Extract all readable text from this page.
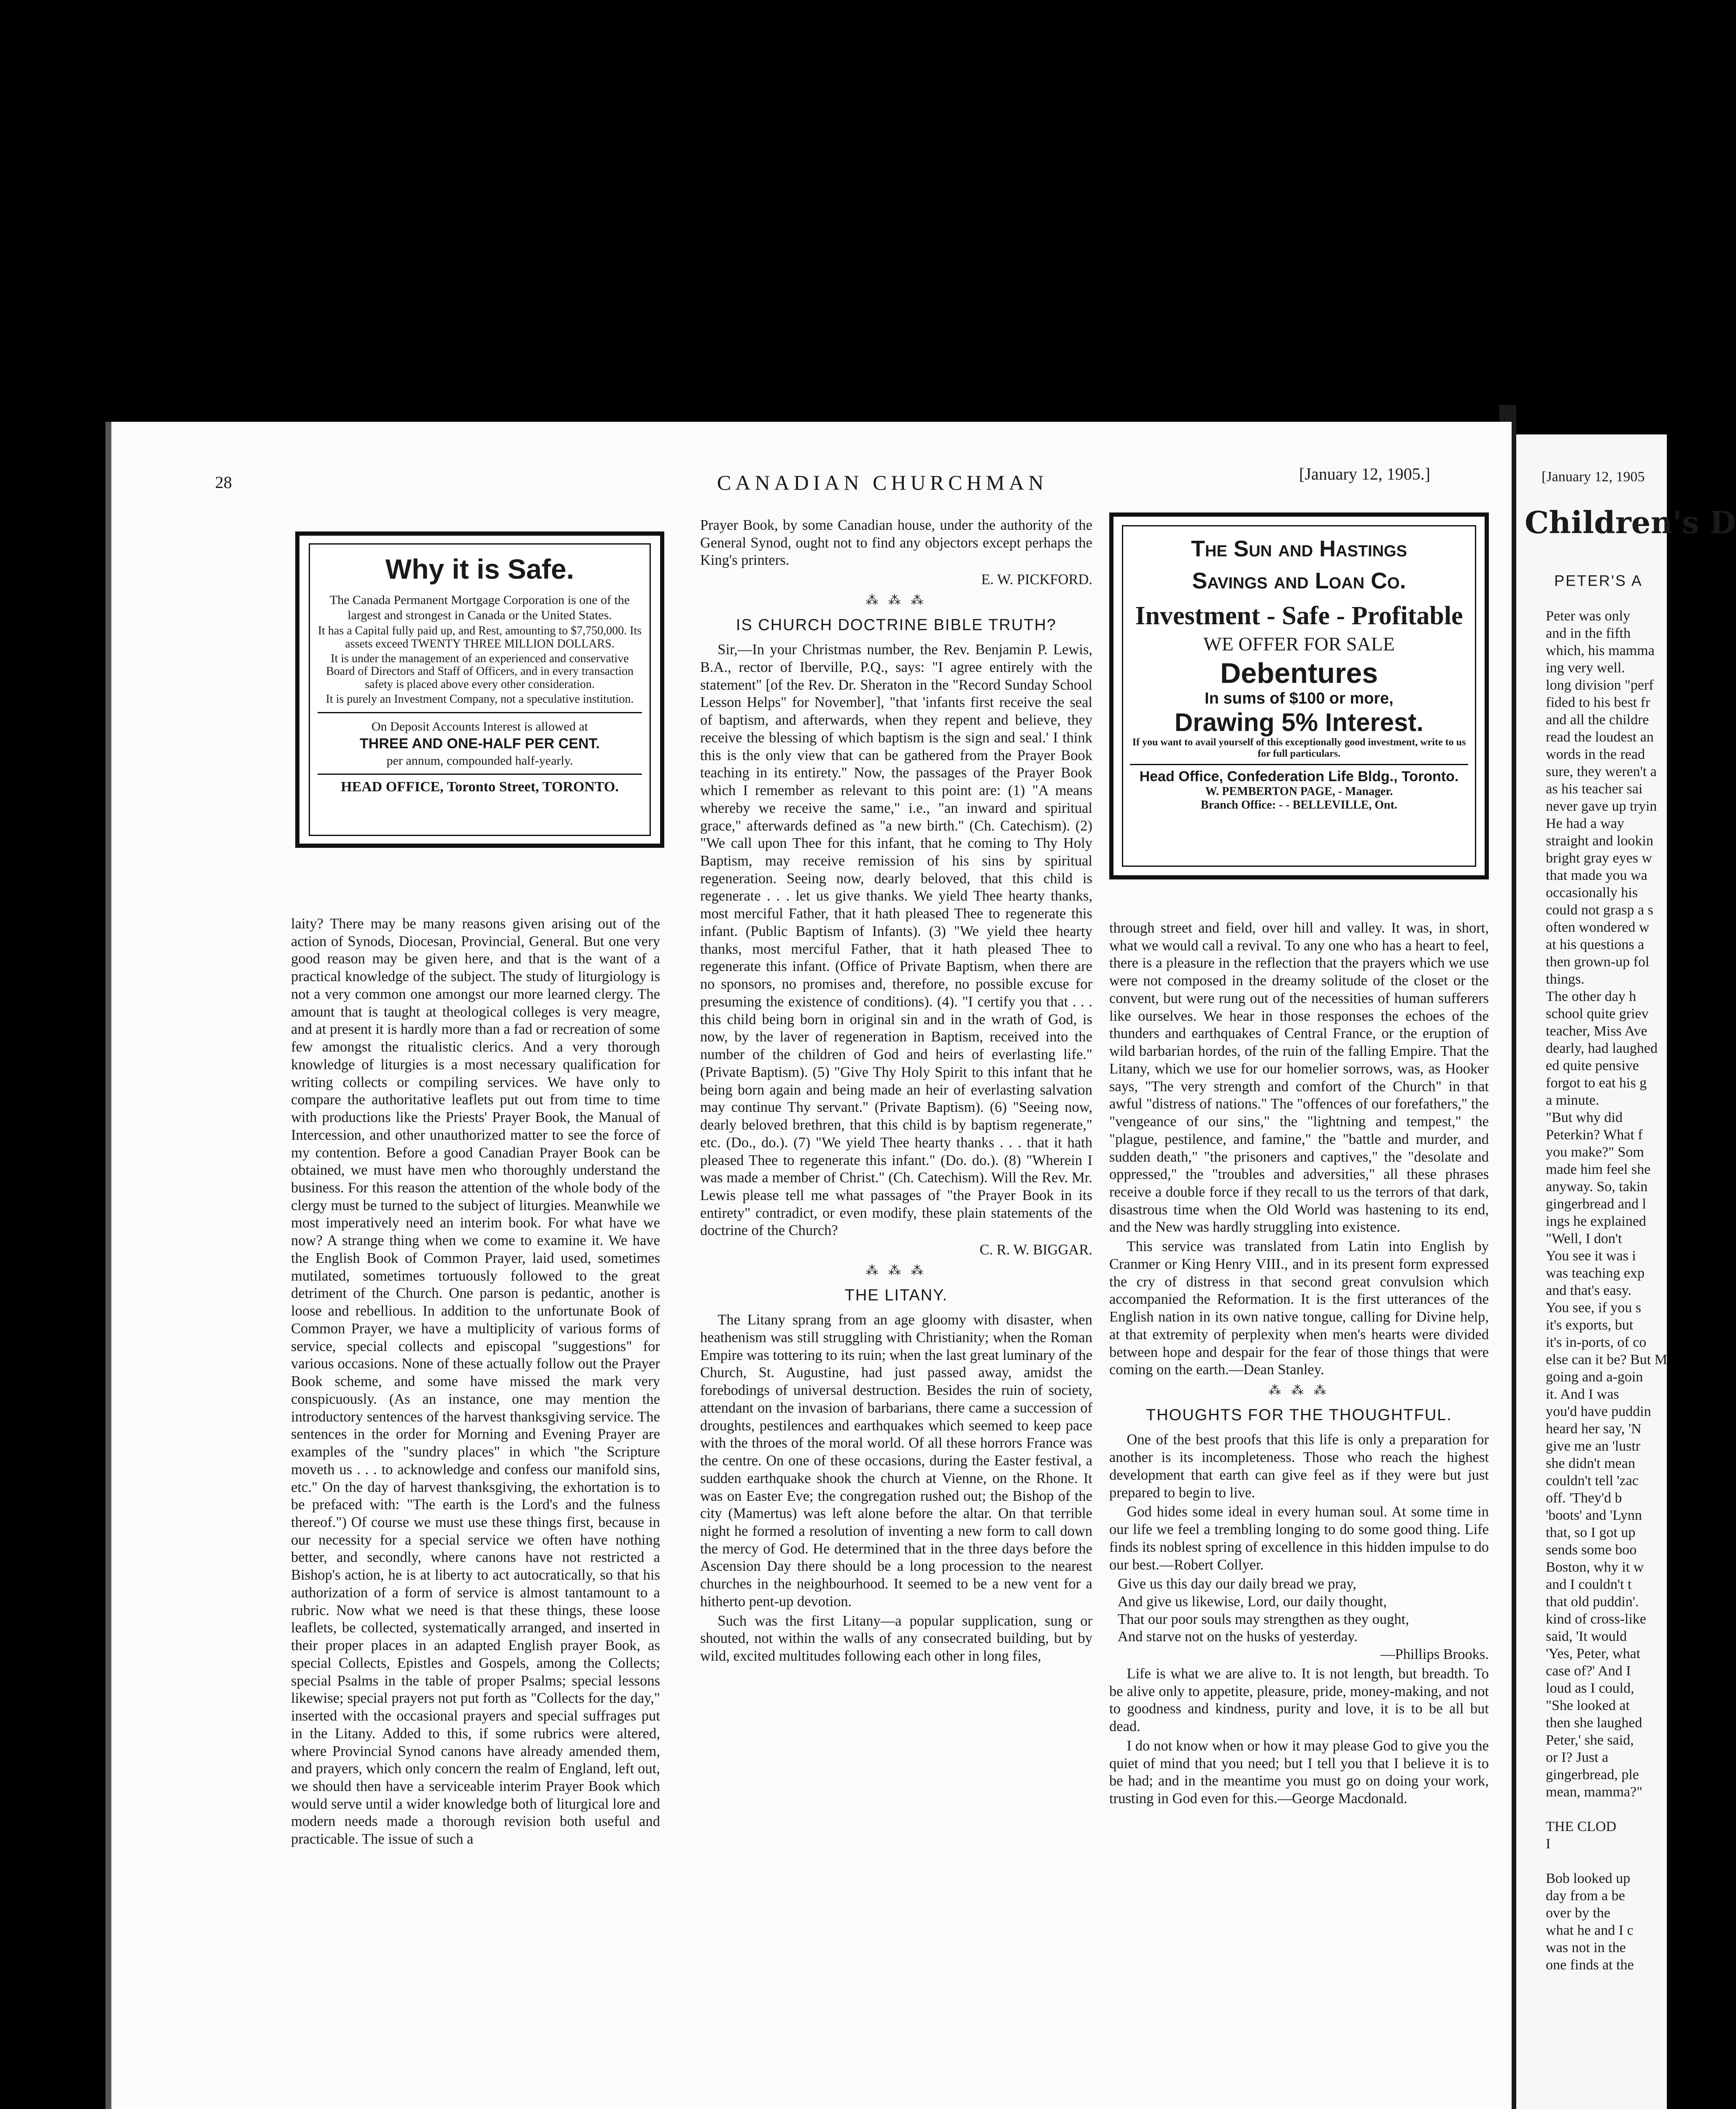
28	CANADIAN CHURCHMAN	[January 12, 1905.]
Why it is Safe.

The Canada Permanent Mortgage Corporation is one of the largest and strongest in Canada or the United States.

It has a Capital fully paid up, and Rest, amounting to $7,750,000. Its assets exceed TWENTY THREE MILLION DOLLARS.

It is under the management of an experienced and conservative Board of Directors and Staff of Officers, and in every transaction safety is placed above every other consideration.

It is purely an Investment Company, not a speculative institution.

On Deposit Accounts Interest is allowed at

THREE AND ONE-HALF PER CENT.

per annum, compounded half-yearly.

HEAD OFFICE, Toronto Street, TORONTO.
The Sun and Hastings
Savings and Loan Co.
Investment - Safe - Profitable
WE OFFER FOR SALE
Debentures
In sums of $100 or more,
Drawing 5% Interest.
If you want to avail yourself of this exceptionally good investment, write to us for full particulars.
Head Office, Confederation Life Bldg., Toronto.
W. PEMBERTON PAGE, - Manager.
Branch Office: - - BELLEVILLE, Ont.

laity? There may be many reasons given arising out of the action of Synods, Diocesan, Provincial, General. But one very good reason may be given here, and that is the want of a practical knowledge of the subject. The study of liturgiology is not a very common one amongst our more learned clergy. The amount that is taught at theological colleges is very meagre, and at present it is hardly more than a fad or recreation of some few amongst the ritualistic clerics. And a very thorough knowledge of liturgies is a most necessary qualification for writing collects or compiling services. We have only to compare the authoritative leaflets put out from time to time with productions like the Priests' Prayer Book, the Manual of Intercession, and other unauthorized matter to see the force of my contention. Before a good Canadian Prayer Book can be obtained, we must have men who thoroughly understand the business. For this reason the attention of the whole body of the clergy must be turned to the subject of liturgies. Meanwhile we most imperatively need an interim book. For what have we now? A strange thing when we come to examine it. We have the English Book of Common Prayer, laid used, sometimes mutilated, sometimes tortuously followed to the great detriment of the Church. One parson is pedantic, another is loose and rebellious. In addition to the unfortunate Book of Common Prayer, we have a multiplicity of various forms of service, special collects and episcopal "suggestions" for various occasions. None of these actually follow out the Prayer Book scheme, and some have missed the mark very conspicuously. (As an instance, one may mention the introductory sentences of the harvest thanksgiving service. The sentences in the order for Morning and Evening Prayer are examples of the "sundry places" in which "the Scripture moveth us . . . to acknowledge and confess our manifold sins, etc." On the day of harvest thanksgiving, the exhortation is to be prefaced with: "The earth is the Lord's and the fulness thereof.") Of course we must use these things first, because in our necessity for a special service we often have nothing better, and secondly, where canons have not restricted a Bishop's action, he is at liberty to act autocratically, so that his authorization of a form of service is almost tantamount to a rubric. Now what we need is that these things, these loose leaflets, be collected, systematically arranged, and inserted in their proper places in an adapted English prayer Book, as special Collects, Epistles and Gospels, among the Collects; special Psalms in the table of proper Psalms; special lessons likewise; special prayers not put forth as "Collects for the day," inserted with the occasional prayers and special suffrages put in the Litany. Added to this, if some rubrics were altered, where Provincial Synod canons have already amended them, and prayers, which only concern the realm of England, left out, we should then have a serviceable interim Prayer Book which would serve until a wider knowledge both of liturgical lore and modern needs made a thorough revision both useful and practicable. The issue of such a

Prayer Book, by some Canadian house, under the authority of the General Synod, ought not to find any objectors except perhaps the King's printers.

E. W. PICKFORD.

⁂ ⁂ ⁂
IS CHURCH DOCTRINE BIBLE TRUTH?

Sir,—In your Christmas number, the Rev. Benjamin P. Lewis, B.A., rector of Iberville, P.Q., says: "I agree entirely with the statement" [of the Rev. Dr. Sheraton in the "Record Sunday School Lesson Helps" for November], "that 'infants first receive the seal of baptism, and afterwards, when they repent and believe, they receive the blessing of which baptism is the sign and seal.' I think this is the only view that can be gathered from the Prayer Book teaching in its entirety." Now, the passages of the Prayer Book which I remember as relevant to this point are: (1) "A means whereby we receive the same," i.e., "an inward and spiritual grace," afterwards defined as "a new birth." (Ch. Catechism). (2) "We call upon Thee for this infant, that he coming to Thy Holy Baptism, may receive remission of his sins by spiritual regeneration. Seeing now, dearly beloved, that this child is regenerate . . . let us give thanks. We yield Thee hearty thanks, most merciful Father, that it hath pleased Thee to regenerate this infant. (Public Baptism of Infants). (3) "We yield thee hearty thanks, most merciful Father, that it hath pleased Thee to regenerate this infant. (Office of Private Baptism, when there are no sponsors, no promises and, therefore, no possible excuse for presuming the existence of conditions). (4). "I certify you that . . . this child being born in original sin and in the wrath of God, is now, by the laver of regeneration in Baptism, received into the number of the children of God and heirs of everlasting life." (Private Baptism). (5) "Give Thy Holy Spirit to this infant that he being born again and being made an heir of everlasting salvation may continue Thy servant." (Private Baptism). (6) "Seeing now, dearly beloved brethren, that this child is by baptism regenerate," etc. (Do., do.). (7) "We yield Thee hearty thanks . . . that it hath pleased Thee to regenerate this infant." (Do. do.). (8) "Wherein I was made a member of Christ." (Ch. Catechism). Will the Rev. Mr. Lewis please tell me what passages of "the Prayer Book in its entirety" contradict, or even modify, these plain statements of the doctrine of the Church?

C. R. W. BIGGAR.

⁂ ⁂ ⁂
THE LITANY.

The Litany sprang from an age gloomy with disaster, when heathenism was still struggling with Christianity; when the Roman Empire was tottering to its ruin; when the last great luminary of the Church, St. Augustine, had just passed away, amidst the forebodings of universal destruction. Besides the ruin of society, attendant on the invasion of barbarians, there came a succession of droughts, pestilences and earthquakes which seemed to keep pace with the throes of the moral world. Of all these horrors France was the centre. On one of these occasions, during the Easter festival, a sudden earthquake shook the church at Vienne, on the Rhone. It was on Easter Eve; the congregation rushed out; the Bishop of the city (Mamertus) was left alone before the altar. On that terrible night he formed a resolution of inventing a new form to call down the mercy of God. He determined that in the three days before the Ascension Day there should be a long procession to the nearest churches in the neighbourhood. It seemed to be a new vent for a hitherto pent-up devotion.

Such was the first Litany—a popular supplication, sung or shouted, not within the walls of any consecrated building, but by wild, excited multitudes following each other in long files,

through street and field, over hill and valley. It was, in short, what we would call a revival. To any one who has a heart to feel, there is a pleasure in the reflection that the prayers which we use were not composed in the dreamy solitude of the closet or the convent, but were rung out of the necessities of human sufferers like ourselves. We hear in those responses the echoes of the thunders and earthquakes of Central France, or the eruption of wild barbarian hordes, of the ruin of the falling Empire. That the Litany, which we use for our homelier sorrows, was, as Hooker says, "The very strength and comfort of the Church" in that awful "distress of nations." The "offences of our forefathers," the "vengeance of our sins," the "lightning and tempest," the "plague, pestilence, and famine," the "battle and murder, and sudden death," "the prisoners and captives," the "desolate and oppressed," the "troubles and adversities," all these phrases receive a double force if they recall to us the terrors of that dark, disastrous time when the Old World was hastening to its end, and the New was hardly struggling into existence.

This service was translated from Latin into English by Cranmer or King Henry VIII., and in its present form expressed the cry of distress in that second great convulsion which accompanied the Reformation. It is the first utterances of the English nation in its own native tongue, calling for Divine help, at that extremity of perplexity when men's hearts were divided between hope and despair for the fear of those things that were coming on the earth.—Dean Stanley.

⁂ ⁂ ⁂
THOUGHTS FOR THE THOUGHTFUL.

One of the best proofs that this life is only a preparation for another is its incompleteness. Those who reach the highest development that earth can give feel as if they were but just prepared to begin to live.

God hides some ideal in every human soul. At some time in our life we feel a trembling longing to do some good thing. Life finds its noblest spring of excellence in this hidden impulse to do our best.—Robert Collyer.

Give us this day our daily bread we pray,
And give us likewise, Lord, our daily thought,
That our poor souls may strengthen as they ought,
And starve not on the husks of yesterday.

—Phillips Brooks.

Life is what we are alive to. It is not length, but breadth. To be alive only to appetite, pleasure, pride, money-making, and not to goodness and kindness, purity and love, it is to be all but dead.

I do not know when or how it may please God to give you the quiet of mind that you need; but I tell you that I believe it is to be had; and in the meantime you must go on doing your work, trusting in God even for this.—George Macdonald.

[January 12, 1905
Children's D
PETER'S A
Peter was only
and in the fifth
which, his mamma
ing very well.
long division "perf
fided to his best fr
and all the childre
read the loudest an
words in the read
sure, they weren't a
as his teacher sai
never gave up tryin
He had a way
straight and lookin
bright gray eyes w
that made you wa
occasionally his
could not grasp a s
often wondered w
at his questions a
then grown-up fol
things.
The other day h
school quite griev
teacher, Miss Ave
dearly, had laughed
ed quite pensive
forgot to eat his g
a minute.
"But why did
Peterkin? What f
you make?" Som
made him feel she
anyway. So, takin
gingerbread and l
ings he explained
"Well, I don't
You see it was i
was teaching exp
and that's easy.
You see, if you s
it's exports, but
it's in-ports, of co
else can it be? But M
going and a-goin
it. And I was
you'd have puddin
heard her say, 'N
give me an 'lustr
she didn't mean
couldn't tell 'zac
off. 'They'd b
'boots' and 'Lynn
that, so I got up
sends some boo
Boston, why it w
and I couldn't t
that old puddin'.
kind of cross-like
said, 'It would
'Yes, Peter, what
case of?' And I
loud as I could,
"She looked at
then she laughed
Peter,' she said,
or I? Just a
gingerbread, ple
mean, mamma?"
THE CLOD
I
Bob looked up
day from a be
over by the
what he and I c
was not in the
one finds at the
